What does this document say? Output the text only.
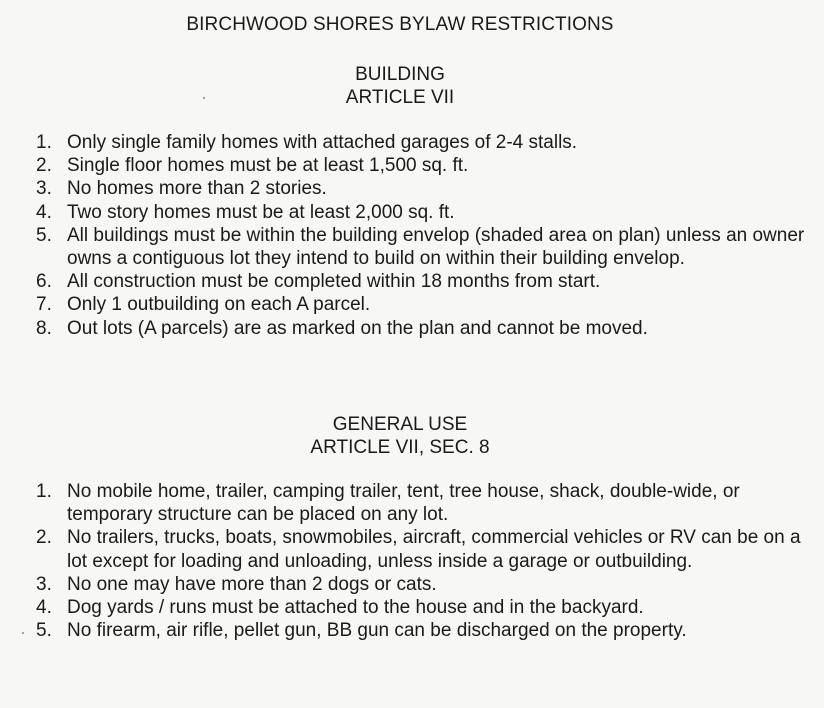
BIRCHWOOD SHORES BYLAW RESTRICTIONS
BUILDING
ARTICLE VII
1. Only single family homes with attached garages of 2-4 stalls.
2. Single floor homes must be at least 1,500 sq. ft.
3. No homes more than 2 stories.
4. Two story homes must be at least 2,000 sq. ft.
5. All buildings must be within the building envelop (shaded area on plan) unless an owner owns a contiguous lot they intend to build on within their building envelop.
6. All construction must be completed within 18 months from start.
7. Only 1 outbuilding on each A parcel.
8. Out lots (A parcels) are as marked on the plan and cannot be moved.
GENERAL USE
ARTICLE VII, SEC. 8
1. No mobile home, trailer, camping trailer, tent, tree house, shack, double-wide, or temporary structure can be placed on any lot.
2. No trailers, trucks, boats, snowmobiles, aircraft, commercial vehicles or RV can be on a lot except for loading and unloading, unless inside a garage or outbuilding.
3. No one may have more than 2 dogs or cats.
4. Dog yards / runs must be attached to the house and in the backyard.
5. No firearm, air rifle, pellet gun, BB gun can be discharged on the property.
